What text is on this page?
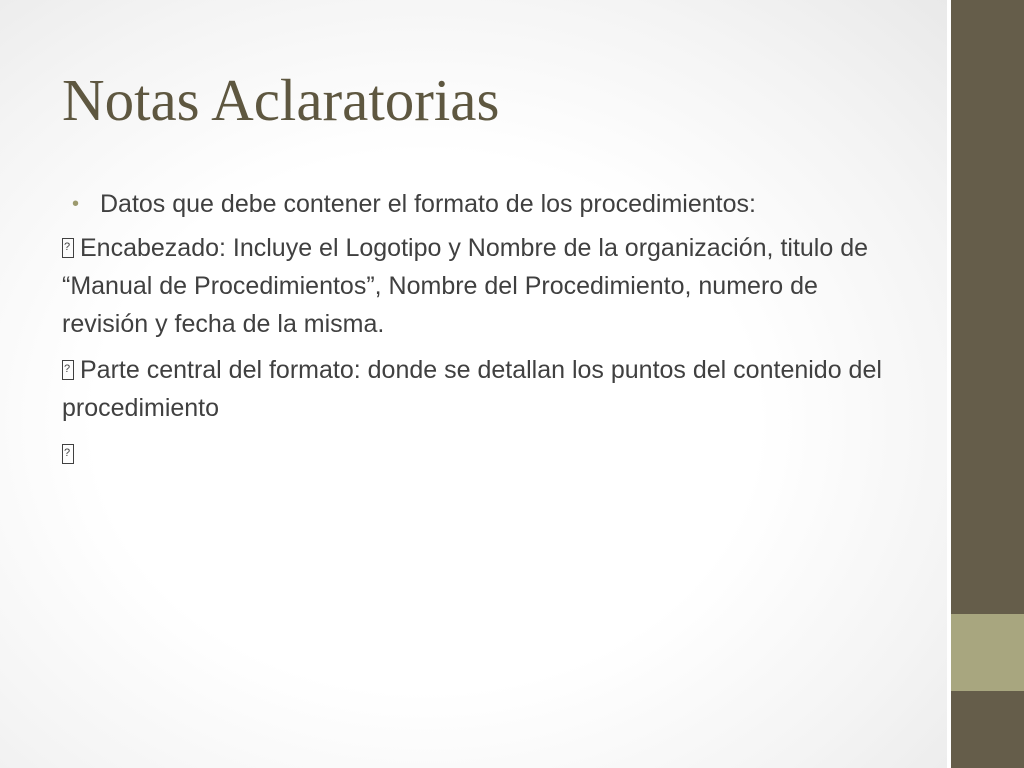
Notas Aclaratorias
• Datos que debe contener el formato de los procedimientos:

?Encabezado: Incluye el Logotipo y Nombre de la organización, titulo de “Manual de Procedimientos”, Nombre del Procedimiento, numero de revisión y fecha de la misma.

?Parte central del formato: donde se detallan los puntos del contenido del procedimiento

?
